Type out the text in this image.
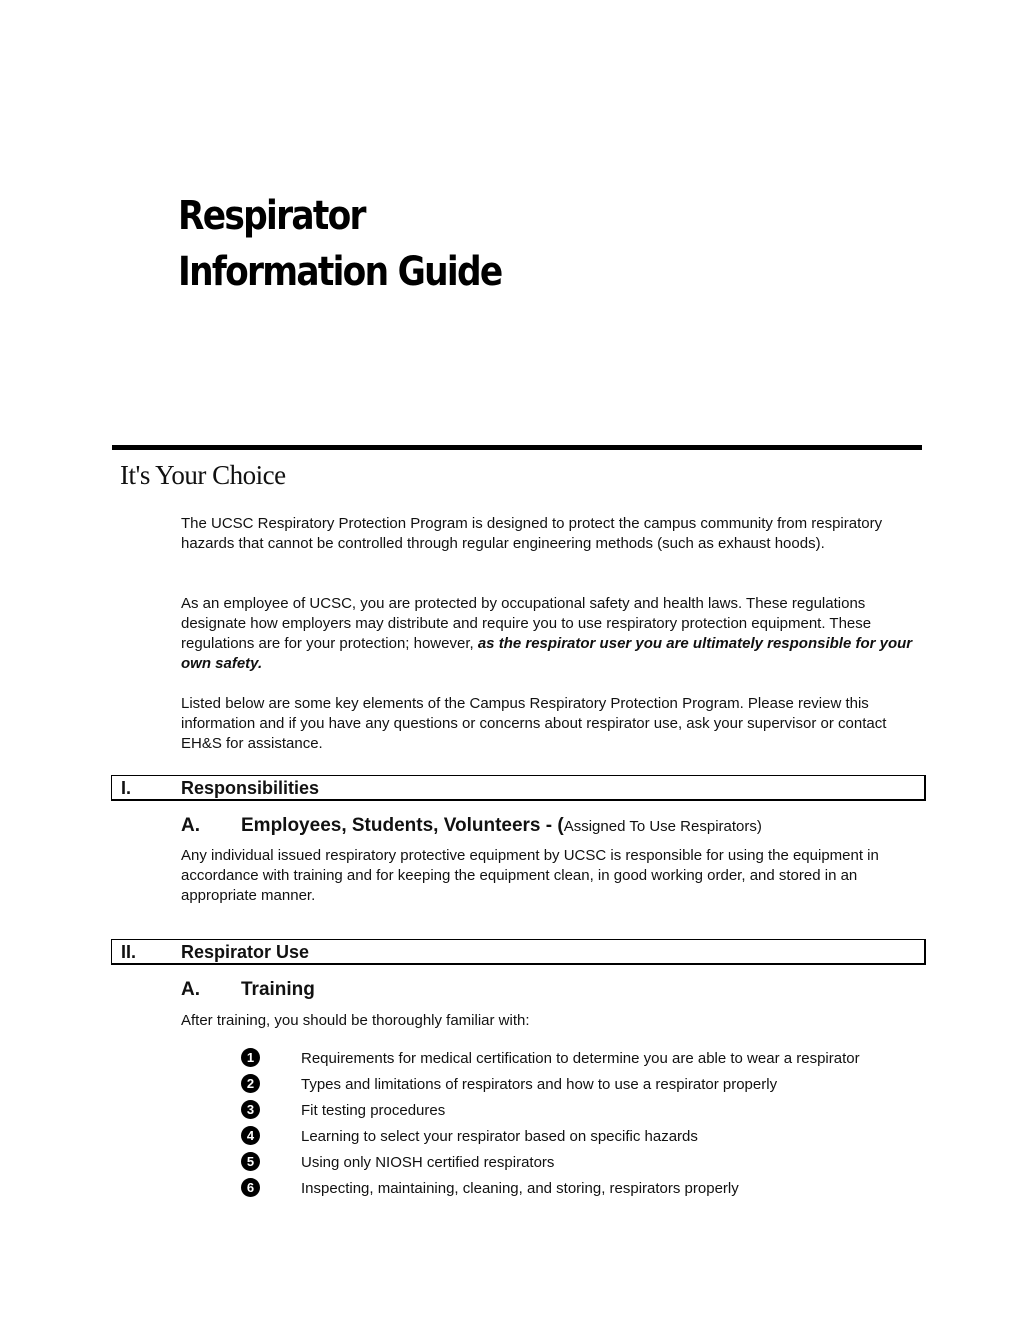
Respirator
Information Guide
It's Your Choice

The UCSC Respiratory Protection Program is designed to protect the campus community from respiratory hazards that cannot be controlled through regular engineering methods (such as exhaust hoods).

As an employee of UCSC, you are protected by occupational safety and health laws. These regulations designate how employers may distribute and require you to use respiratory protection equipment. These regulations are for your protection; however, as the respirator user you are ultimately responsible for your own safety.

Listed below are some key elements of the Campus Respiratory Protection Program. Please review this information and if you have any questions or concerns about respirator use, ask your supervisor or contact EH&S for assistance.

I.	Responsibilities
A. Employees, Students, Volunteers - (Assigned To Use Respirators)

Any individual issued respiratory protective equipment by UCSC is responsible for using the equipment in accordance with training and for keeping the equipment clean, in good working order, and stored in an appropriate manner.

II. Respirator Use
A. Training

After training, you should be thoroughly familiar with:

1	Requirements for medical certification to determine you are able to wear a respirator
2	Types and limitations of respirators and how to use a respirator properly
3	Fit testing procedures
4	Learning to select your respirator based on specific hazards
5	Using only NIOSH certified respirators
6	Inspecting, maintaining, cleaning, and storing, respirators properly
